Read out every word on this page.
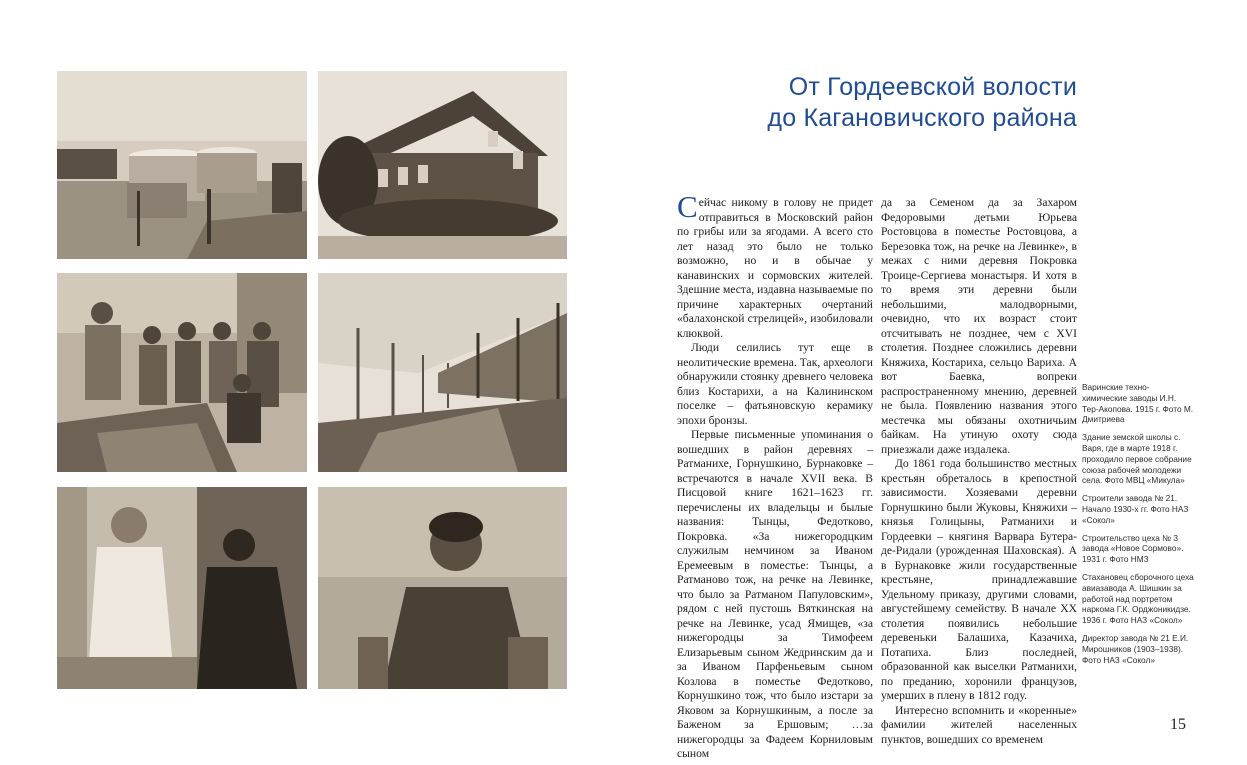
От Гордеевской волости
до Кагановичского района

Сейчас никому в голову не придет отправиться в Московский район по грибы или за ягодами. А всего сто лет назад это было не только возможно, но и в обычае у канавинских и сормовских жителей. Здешние места, издавна называемые по причине характерных очертаний «балахонской стрелицей», изобиловали клюквой.

Люди селились тут еще в неолитические времена. Так, археологи обнаружили стоянку древнего человека близ Костарихи, а на Калининском поселке – фатьяновскую керамику эпохи бронзы.

Первые письменные упоминания о вошедших в район деревнях – Ратманихе, Горнушкино, Бурнаковке – встречаются в начале XVII века. В Писцовой книге 1621–1623 гг. перечислены их владельцы и былые названия: Тынцы, Федотково, Покровка. «За нижегородцким служилым немчином за Иваном Еремеевым в поместье: Тынцы, а Ратманово тож, на речке на Левинке, что было за Ратманом Папуловским», рядом с ней пустошь Вяткинская на речке на Левинке, усад Ямищев, «за нижегородцы за Тимофеем Елизарьевым сыном Жедринским да и за Иваном Парфеньевым сыном Козлова в поместье Федотково, Корнушкино тож, что было изстари за Яковом за Корнушкиным, а после за Баженом за Ершовым; …за нижегородцы за Фадеем Корниловым сыном

да за Семеном да за Захаром Федоровыми детьми Юрьева Ростовцова в поместье Ростовцова, а Березовка тож, на речке на Левинке», в межах с ними деревня Покровка Троице-Сергиева монастыря. И хотя в то время эти деревни были небольшими, малодворными, очевидно, что их возраст стоит отсчитывать не позднее, чем с XVI столетия. Позднее сложились деревни Княжиха, Костариха, сельцо Вариха. А вот Баевка, вопреки распространенному мнению, деревней не была. Появлению названия этого местечка мы обязаны охотничьим байкам. На утиную охоту сюда приезжали даже издалека.

До 1861 года большинство местных крестьян обреталось в крепостной зависимости. Хозяевами деревни Горнушкино были Жуковы, Княжихи – князья Голицыны, Ратманихи и Гордеевки – княгиня Варвара Бутера-де-Ридали (урожденная Шаховская). А в Бурнаковке жили государственные крестьяне, принадлежавшие Удельному приказу, другими словами, августейшему семейству. В начале XX столетия появились небольшие деревеньки Балашиха, Казачиха, Потапиха. Близ последней, образованной как выселки Ратманихи, по преданию, хоронили французов, умерших в плену в 1812 году.

Интересно вспомнить и «коренные» фамилии жителей населенных пунктов, вошедших со временем

Варинские техно-химические заводы И.Н. Тер-Акопова. 1915 г. Фото М. Дмитриева

Здание земской школы с. Варя, где в марте 1918 г. проходило первое собрание союза рабочей молодежи села. Фото МВЦ «Микула»

Строители завода № 21. Начало 1930-х гг. Фото НАЗ «Сокол»

Строительство цеха № 3 завода «Новое Сормово». 1931 г. Фото НМЗ

Стахановец сборочного цеха авиазавода А. Шишкин за работой над портретом наркома Г.К. Орджоникидзе. 1936 г. Фото НАЗ «Сокол»

Директор завода № 21 Е.И. Мирошников (1903–1938). Фото НАЗ «Сокол»

15
